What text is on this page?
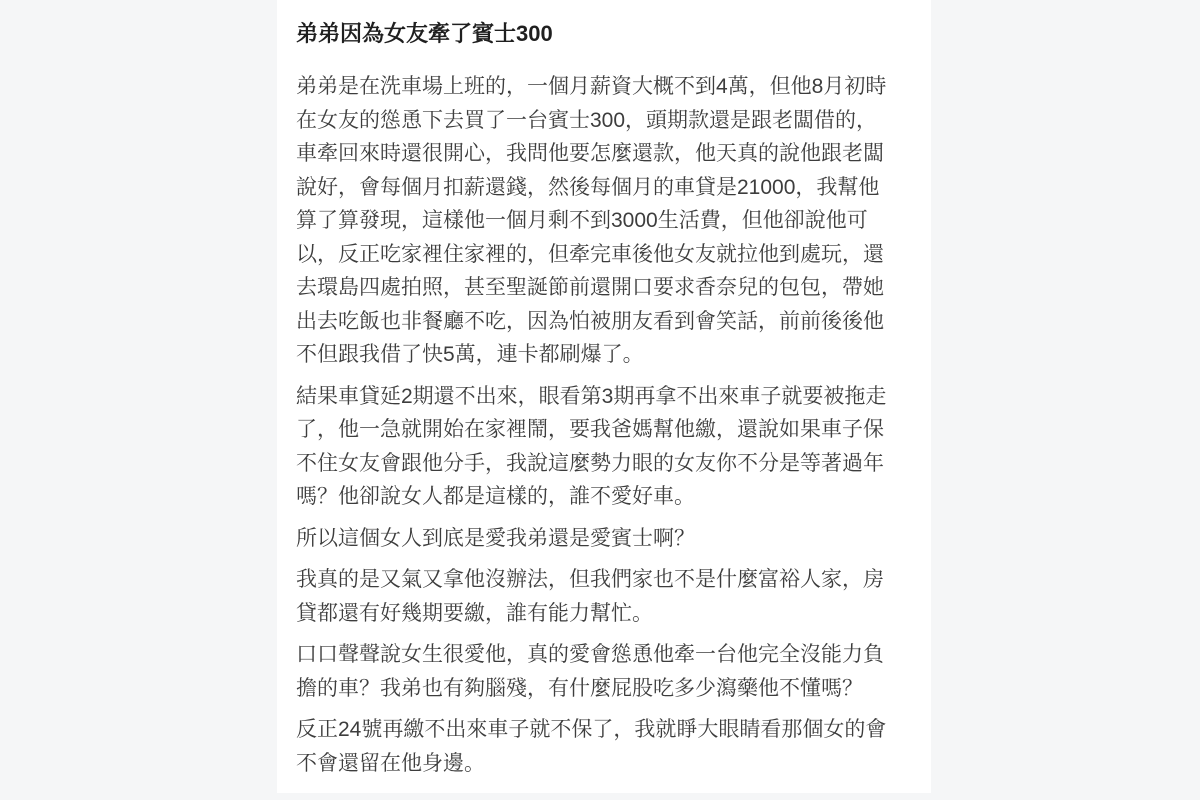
弟弟因為女友牽了賓士300
弟弟是在洗車場上班的，一個月薪資大概不到4萬，但他8月初時
在女友的慫恿下去買了一台賓士300，頭期款還是跟老闆借的，
車牽回來時還很開心，我問他要怎麼還款，他天真的說他跟老闆
說好，會每個月扣薪還錢，然後每個月的車貸是21000，我幫他
算了算發現，這樣他一個月剩不到3000生活費，但他卻說他可
以，反正吃家裡住家裡的，但牽完車後他女友就拉他到處玩，還
去環島四處拍照，甚至聖誕節前還開口要求香奈兒的包包，帶她
出去吃飯也非餐廳不吃，因為怕被朋友看到會笑話，前前後後他
不但跟我借了快5萬，連卡都刷爆了。
結果車貸延2期還不出來，眼看第3期再拿不出來車子就要被拖走
了，他一急就開始在家裡鬧，要我爸媽幫他繳，還說如果車子保
不住女友會跟他分手，我說這麼勢力眼的女友你不分是等著過年
嗎？他卻說女人都是這樣的，誰不愛好車。
所以這個女人到底是愛我弟還是愛賓士啊？
我真的是又氣又拿他沒辦法，但我們家也不是什麼富裕人家，房
貸都還有好幾期要繳，誰有能力幫忙。
口口聲聲說女生很愛他，真的愛會慫恿他牽一台他完全沒能力負
擔的車？我弟也有夠腦殘，有什麼屁股吃多少瀉藥他不懂嗎？
反正24號再繳不出來車子就不保了，我就睜大眼睛看那個女的會
不會還留在他身邊。
